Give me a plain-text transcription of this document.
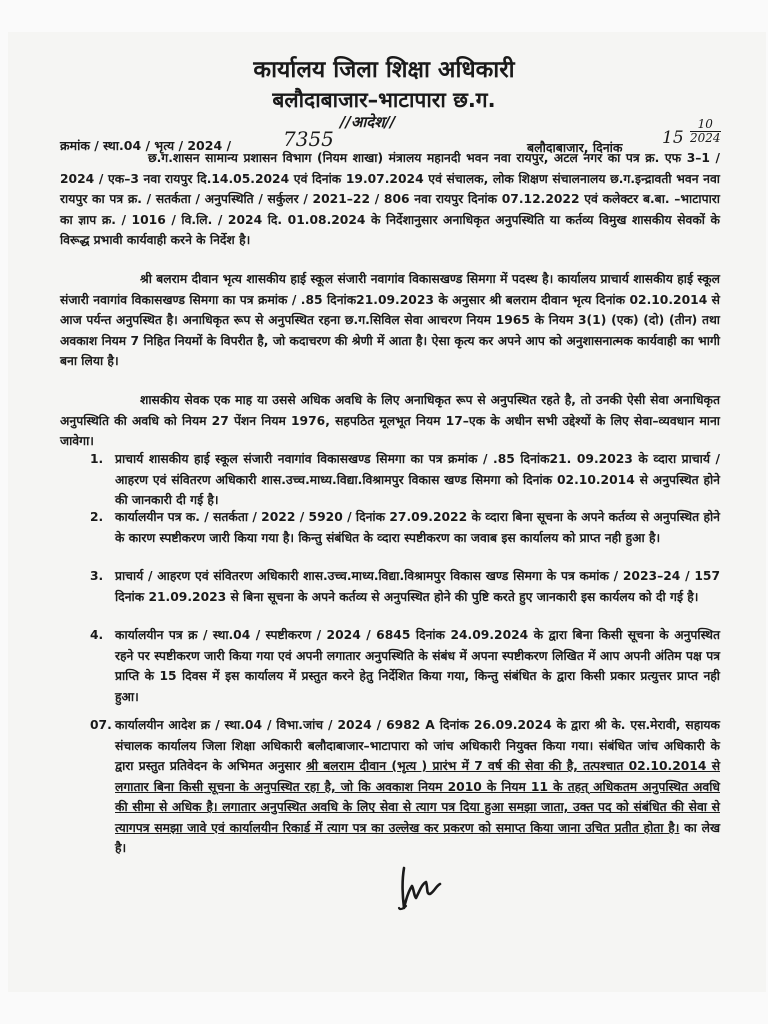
कार्यालय जिला शिक्षा अधिकारी
बलौदाबाजार–भाटापारा छ.ग.
//आदेश//
क्रमांक / स्था.04 / भृत्य / 2024 /	7355	बलौदाबाजार, दिनांक $15 \frac{10}{2024}$
छ.ग.शासन सामान्य प्रशासन विभाग (नियम शाखा) मंत्रालय महानदी भवन नवा रायपुर, अटल नगर का पत्र क्र. एफ 3–1 / 2024 / एक–3 नवा रायपुर दि.14.05.2024 एवं दिनांक 19.07.2024 एवं संचालक, लोक शिक्षण संचालनालय छ.ग.इन्द्रावती भवन नवा रायपुर का पत्र क्र. / सतर्कता / अनुपस्थिति / सर्कुलर / 2021–22 / 806 नवा रायपुर दिनांक 07.12.2022 एवं कलेक्टर ब.बा. –भाटापारा का ज्ञाप क्र. / 1016 / वि.लि. / 2024 दि. 01.08.2024 के निर्देशानुसार अनाधिकृत अनुपस्थिति या कर्तव्य विमुख शासकीय सेवकों के विरूद्ध प्रभावी कार्यवाही करने के निर्देश है।
श्री बलराम दीवान भृत्य शासकीय हाई स्कूल संजारी नवागांव विकासखण्ड सिमगा में पदस्थ है। कार्यालय प्राचार्य शासकीय हाई स्कूल संजारी नवागांव विकासखण्ड सिमगा का पत्र क्रमांक / .85 दिनांक21.09.2023 के अनुसार श्री बलराम दीवान भृत्य दिनांक 02.10.2014 से आज पर्यन्त अनुपस्थित है। अनाधिकृत रूप से अनुपस्थित रहना छ.ग.सिविल सेवा आचरण नियम 1965 के नियम 3(1) (एक) (दो) (तीन) तथा अवकाश नियम 7 निहित नियमों के विपरीत है, जो कदाचरण की श्रेणी में आता है। ऐसा कृत्य कर अपने आप को अनुशासनात्मक कार्यवाही का भागी बना लिया है।
शासकीय सेवक एक माह या उससे अधिक अवधि के लिए अनाधिकृत रूप से अनुपस्थित रहते है, तो उनकी ऐसी सेवा अनाधिकृत अनुपस्थिति की अवधि को नियम 27 पेंशन नियम 1976, सहपठित मूलभूत नियम 17–एक के अधीन सभी उद्देश्यों के लिए सेवा–व्यवधान माना जावेगा।
1. प्राचार्य शासकीय हाई स्कूल संजारी नवागांव विकासखण्ड सिमगा का पत्र क्रमांक / .85 दिनांक21. 09.2023 के व्दारा प्राचार्य / आहरण एवं संवितरण अधिकारी शास.उच्च.माध्य.विद्या.विश्रामपुर विकास खण्ड सिमगा को दिनांक 02.10.2014 से अनुपस्थित होने की जानकारी दी गई है।
2. कार्यालयीन पत्र क. / सतर्कता / 2022 / 5920 / दिनांक 27.09.2022 के व्दारा बिना सूचना के अपने कर्तव्य से अनुपस्थित होने के कारण स्पष्टीकरण जारी किया गया है। किन्तु संबंधित के व्दारा स्पष्टीकरण का जवाब इस कार्यालय को प्राप्त नही हुआ है।
3. प्राचार्य / आहरण एवं संवितरण अधिकारी शास.उच्च.माध्य.विद्या.विश्रामपुर विकास खण्ड सिमगा के पत्र कमांक / 2023–24 / 157 दिनांक 21.09.2023 से बिना सूचना के अपने कर्तव्य से अनुपस्थित होने की पुष्टि करते हुए जानकारी इस कार्यलय को दी गई है।
4. कार्यालयीन पत्र क्र / स्था.04 / स्पष्टीकरण / 2024 / 6845 दिनांक 24.09.2024 के द्वारा बिना किसी सूचना के अनुपस्थित रहने पर स्पष्टीकरण जारी किया गया एवं अपनी लगातार अनुपस्थिति के संबंध में अपना स्पष्टीकरण लिखित में आप अपनी अंतिम पक्ष पत्र प्राप्ति के 15 दिवस में इस कार्यालय में प्रस्तुत करने हेतु निर्देशित किया गया, किन्तु संबंधित के द्वारा किसी प्रकार प्रत्युत्तर प्राप्त नही हुआ।
07. कार्यालयीन आदेश क्र / स्था.04 / विभा.जांच / 2024 / 6982 A दिनांक 26.09.2024 के द्वारा श्री के. एस.मेरावी, सहायक संचालक कार्यालय जिला शिक्षा अधिकारी बलौदाबाजार–भाटापारा को जांच अधिकारी नियुक्त किया गया। संबंधित जांच अधिकारी के द्वारा प्रस्तुत प्रतिवेदन के अभिमत अनुसार श्री बलराम दीवान (भृत्य ) प्रारंभ में 7 वर्ष की सेवा की है, तत्पश्चात 02.10.2014 से लगातार बिना किसी सूचना के अनुपस्थित रहा है, जो कि अवकाश नियम 2010 के नियम 11 के तहत् अधिकतम अनुपस्थित अवधि की सीमा से अधिक है। लगातार अनुपस्थित अवधि के लिए सेवा से त्याग पत्र दिया हुआ समझा जाता, उक्त पद को संबंधित की सेवा से त्यागपत्र समझा जावे एवं कार्यालयीन रिकार्ड में त्याग पत्र का उल्लेख कर प्रकरण को समाप्त किया जाना उचित प्रतीत होता है। का लेख है।
